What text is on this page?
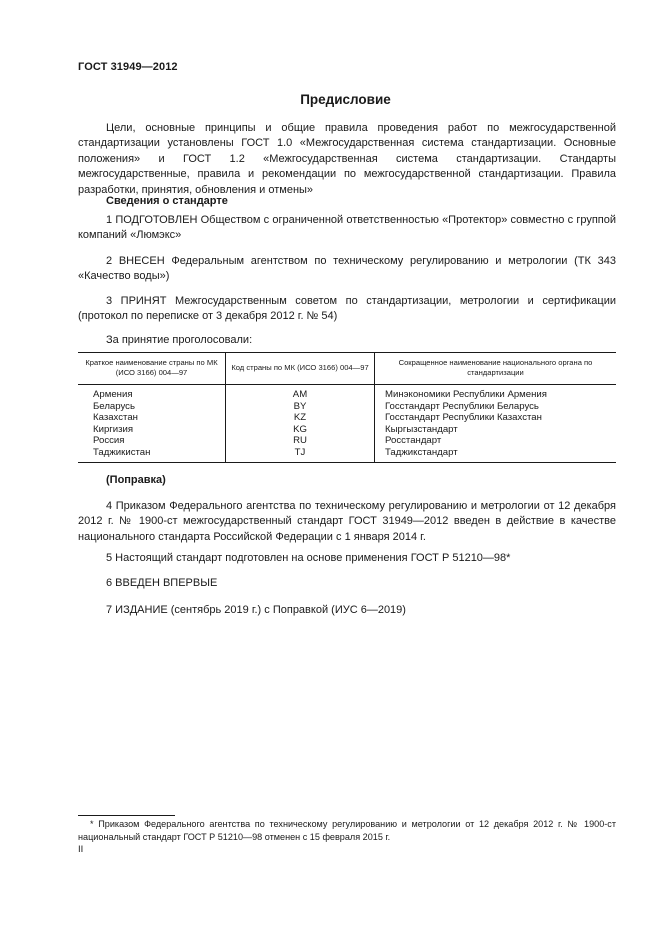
ГОСТ 31949—2012
Предисловие
Цели, основные принципы и общие правила проведения работ по межгосударственной стандартизации установлены ГОСТ 1.0 «Межгосударственная система стандартизации. Основные положения» и ГОСТ 1.2 «Межгосударственная система стандартизации. Стандарты межгосударственные, правила и рекомендации по межгосударственной стандартизации. Правила разработки, принятия, обновления и отмены»
Сведения о стандарте
1 ПОДГОТОВЛЕН Обществом с ограниченной ответственностью «Протектор» совместно с группой компаний «Люмэкс»
2 ВНЕСЕН Федеральным агентством по техническому регулированию и метрологии (ТК 343 «Качество воды»)
3 ПРИНЯТ Межгосударственным советом по стандартизации, метрологии и сертификации (протокол по переписке от 3 декабря 2012 г. № 54)
За принятие проголосовали:
Краткое наименование страны по МК (ИСО 3166) 004—97	Код страны по МК (ИСО 3166) 004—97	Сокращенное наименование национального органа по стандартизации
Армения	AM	Минэкономики Республики Армения
Беларусь	BY	Госстандарт Республики Беларусь
Казахстан	KZ	Госстандарт Республики Казахстан
Киргизия	KG	Кыргызстандарт
Россия	RU	Росстандарт
Таджикистан	TJ	Таджикстандарт
(Поправка)
4 Приказом Федерального агентства по техническому регулированию и метрологии от 12 декабря 2012 г. № 1900-ст межгосударственный стандарт ГОСТ 31949—2012 введен в действие в качестве национального стандарта Российской Федерации с 1 января 2014 г.
5 Настоящий стандарт подготовлен на основе применения ГОСТ Р 51210—98*
6 ВВЕДЕН ВПЕРВЫЕ
7 ИЗДАНИЕ (сентябрь 2019 г.) с Поправкой (ИУС 6—2019)
* Приказом Федерального агентства по техническому регулированию и метрологии от 12 декабря 2012 г. № 1900-ст национальный стандарт ГОСТ Р 51210—98 отменен с 15 февраля 2015 г.
II
